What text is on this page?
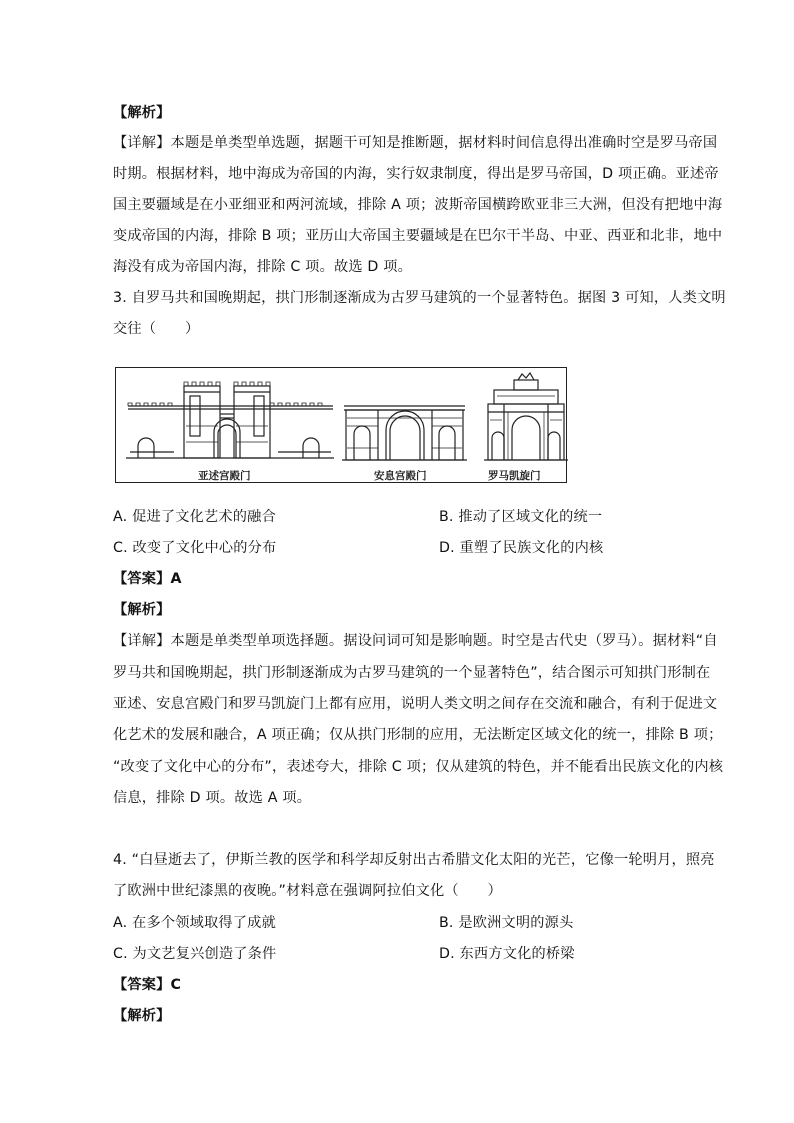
【解析】
【详解】本题是单类型单选题，据题干可知是推断题，据材料时间信息得出准确时空是罗马帝国
时期。根据材料，地中海成为帝国的内海，实行奴隶制度，得出是罗马帝国，D 项正确。亚述帝
国主要疆域是在小亚细亚和两河流域，排除 A 项；波斯帝国横跨欧亚非三大洲，但没有把地中海
变成帝国的内海，排除 B 项；亚历山大帝国主要疆域是在巴尔干半岛、中亚、西亚和北非，地中
海没有成为帝国内海，排除 C 项。故选 D 项。
3. 自罗马共和国晚期起，拱门形制逐渐成为古罗马建筑的一个显著特色。据图 3 可知，人类文明
交往（　　）
亚述宫殿门	安息宫殿门	罗马凯旋门
A. 促进了文化艺术的融合	B. 推动了区域文化的统一
C. 改变了文化中心的分布	D. 重塑了民族文化的内核
【答案】A
【解析】
【详解】本题是单类型单项选择题。据设问词可知是影响题。时空是古代史（罗马）。据材料“自
罗马共和国晚期起，拱门形制逐渐成为古罗马建筑的一个显著特色”，结合图示可知拱门形制在
亚述、安息宫殿门和罗马凯旋门上都有应用，说明人类文明之间存在交流和融合，有利于促进文
化艺术的发展和融合，A 项正确；仅从拱门形制的应用，无法断定区域文化的统一，排除 B 项；
“改变了文化中心的分布”，表述夸大，排除 C 项；仅从建筑的特色，并不能看出民族文化的内核
信息，排除 D 项。故选 A 项。
4. “白昼逝去了，伊斯兰教的医学和科学却反射出古希腊文化太阳的光芒，它像一轮明月，照亮
了欧洲中世纪漆黑的夜晚。”材料意在强调阿拉伯文化（　　）
A. 在多个领域取得了成就	B. 是欧洲文明的源头
C. 为文艺复兴创造了条件	D. 东西方文化的桥梁
【答案】C
【解析】
